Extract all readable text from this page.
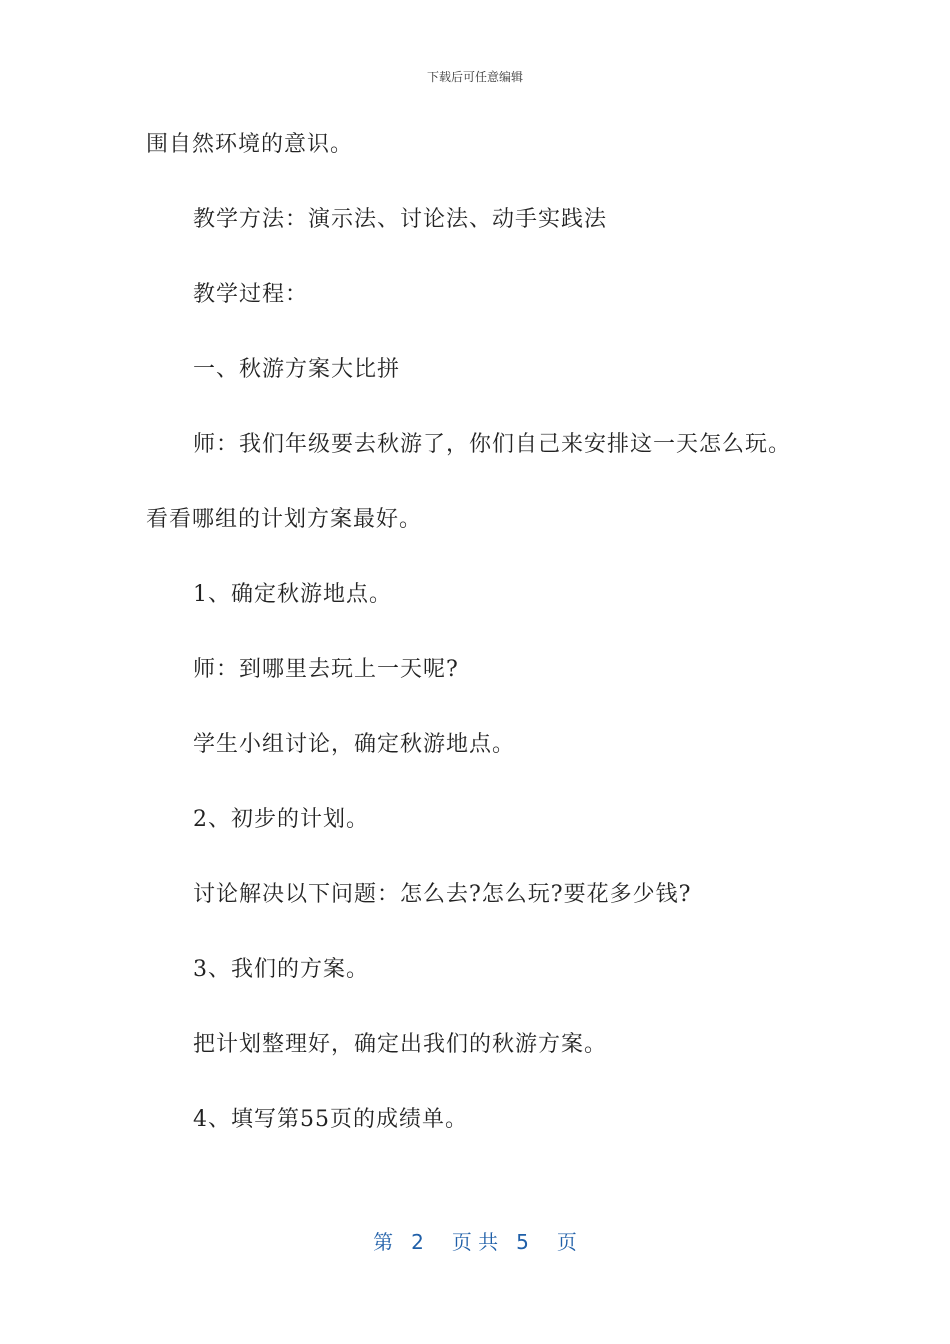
下载后可任意编辑

围自然环境的意识。

教学方法：演示法、讨论法、动手实践法

教学过程：

一、秋游方案大比拼

师：我们年级要去秋游了，你们自己来安排这一天怎么玩。

看看哪组的计划方案最好。

1、确定秋游地点。

师：到哪里去玩上一天呢?

学生小组讨论，确定秋游地点。

2、初步的计划。

讨论解决以下问题：怎么去?怎么玩?要花多少钱?

3、我们的方案。

把计划整理好，确定出我们的秋游方案。

4、填写第55页的成绩单。

第 2 页 共 5 页
